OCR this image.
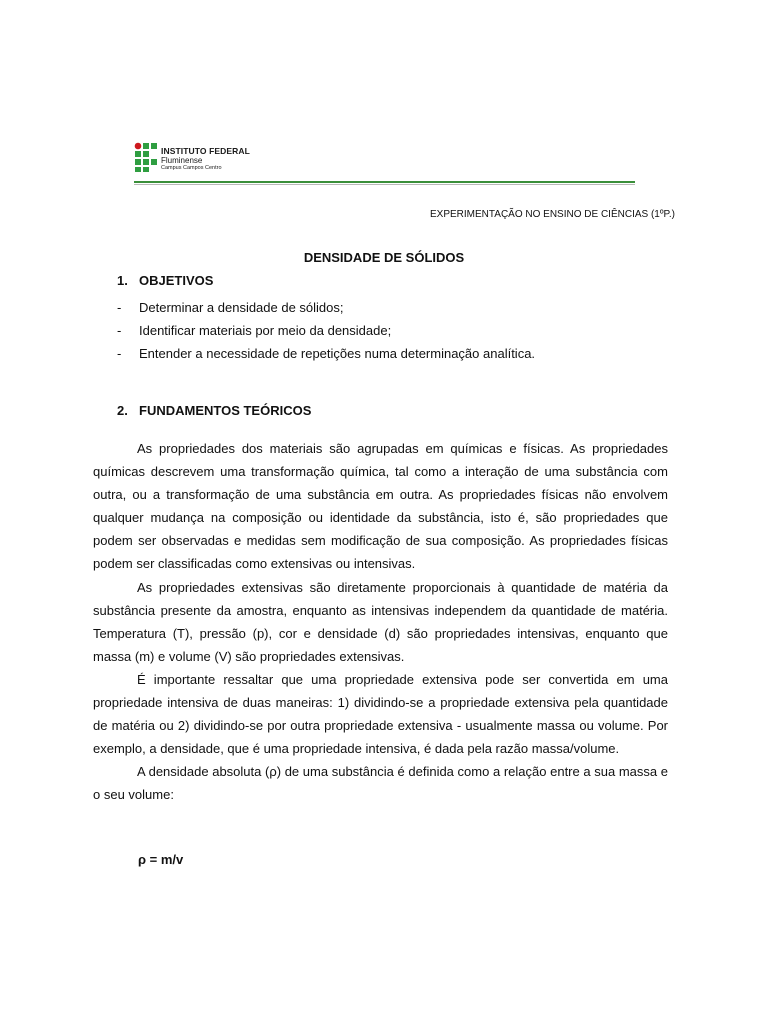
INSTITUTO FEDERAL
Fluminense
Campus Campos Centro
EXPERIMENTAÇÃO NO ENSINO DE CIÊNCIAS (1ºP.)
DENSIDADE DE SÓLIDOS
1. OBJETIVOS
- Determinar a densidade de sólidos;
- Identificar materiais por meio da densidade;
- Entender a necessidade de repetições numa determinação analítica.
2. FUNDAMENTOS TEÓRICOS

As propriedades dos materiais são agrupadas em químicas e físicas. As propriedades químicas descrevem uma transformação química, tal como a interação de uma substância com outra, ou a transformação de uma substância em outra. As propriedades físicas não envolvem qualquer mudança na composição ou identidade da substância, isto é, são propriedades que podem ser observadas e medidas sem modificação de sua composição. As propriedades físicas podem ser classificadas como extensivas ou intensivas.

As propriedades extensivas são diretamente proporcionais à quantidade de matéria da substância presente da amostra, enquanto as intensivas independem da quantidade de matéria. Temperatura (T), pressão (p), cor e densidade (d) são propriedades intensivas, enquanto que massa (m) e volume (V) são propriedades extensivas.

É importante ressaltar que uma propriedade extensiva pode ser convertida em uma propriedade intensiva de duas maneiras: 1) dividindo-se a propriedade extensiva pela quantidade de matéria ou 2) dividindo-se por outra propriedade extensiva - usualmente massa ou volume. Por exemplo, a densidade, que é uma propriedade intensiva, é dada pela razão massa/volume.

A densidade absoluta (ρ) de uma substância é definida como a relação entre a sua massa e o seu volume:

ρ = m/v
